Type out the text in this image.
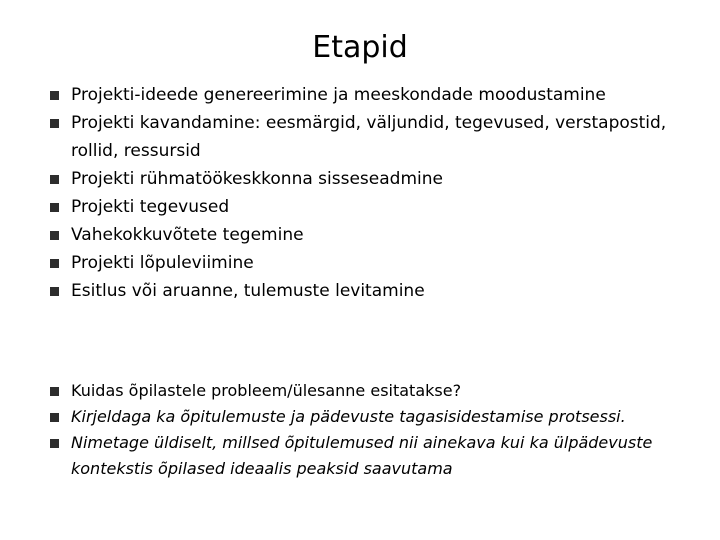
Etapid
Projekti-ideede genereerimine ja meeskondade moodustamine
Projekti kavandamine: eesmärgid, väljundid, tegevused, verstapostid, rollid, ressursid
Projekti rühmatöökeskkonna sisseseadmine
Projekti tegevused
Vahekokkuvõtete tegemine
Projekti lõpuleviimine
Esitlus või aruanne, tulemuste levitamine
Kuidas õpilastele probleem/ülesanne esitatakse?
Kirjeldaga ka õpitulemuste ja pädevuste tagasisidestamise protsessi.
Nimetage üldiselt, millsed õpitulemused nii ainekava kui ka ülpädevuste kontekstis õpilased ideaalis peaksid saavutama
